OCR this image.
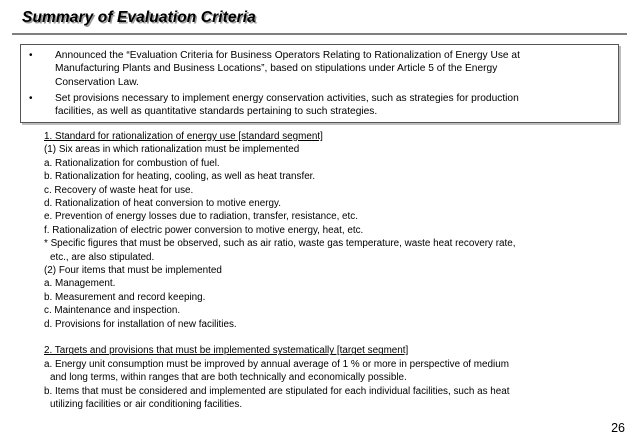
Summary of Evaluation Criteria
• Announced the “Evaluation Criteria for Business Operators Relating to Rationalization of Energy Use at
Manufacturing Plants and Business Locations”, based on stipulations under Article 5 of the Energy
Conservation Law.
• Set provisions necessary to implement energy conservation activities, such as strategies for production
facilities, as well as quantitative standards pertaining to such strategies.
1. Standard for rationalization of energy use [standard segment]
(1) Six areas in which rationalization must be implemented
a. Rationalization for combustion of fuel.
b. Rationalization for heating, cooling, as well as heat transfer.
c. Recovery of waste heat for use.
d. Rationalization of heat conversion to motive energy.
e. Prevention of energy losses due to radiation, transfer, resistance, etc.
f. Rationalization of electric power conversion to motive energy, heat, etc.
* Specific figures that must be observed, such as air ratio, waste gas temperature, waste heat recovery rate,
etc., are also stipulated.
(2) Four items that must be implemented
a. Management.
b. Measurement and record keeping.
c. Maintenance and inspection.
d. Provisions for installation of new facilities.
2. Targets and provisions that must be implemented systematically [target segment]
a. Energy unit consumption must be improved by annual average of 1 % or more in perspective of medium
and long terms, within ranges that are both technically and economically possible.
b. Items that must be considered and implemented are stipulated for each individual facilities, such as heat
utilizing facilities or air conditioning facilities.
26
